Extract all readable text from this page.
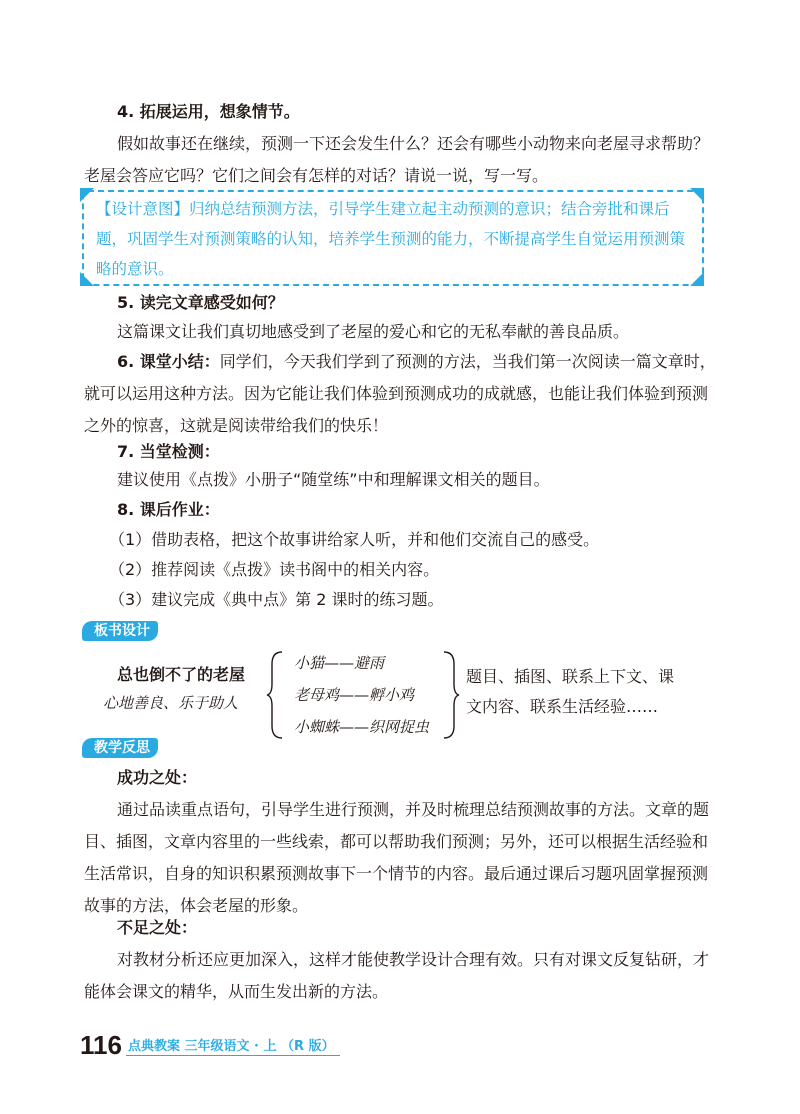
4. 拓展运用，想象情节。
假如故事还在继续，预测一下还会发生什么？还会有哪些小动物来向老屋寻求帮助？老屋会答应它吗？它们之间会有怎样的对话？请说一说，写一写。
【设计意图】归纳总结预测方法，引导学生建立起主动预测的意识；结合旁批和课后题，巩固学生对预测策略的认知，培养学生预测的能力，不断提高学生自觉运用预测策略的意识。
5. 读完文章感受如何？
这篇课文让我们真切地感受到了老屋的爱心和它的无私奉献的善良品质。
6. 课堂小结：同学们，今天我们学到了预测的方法，当我们第一次阅读一篇文章时，就可以运用这种方法。因为它能让我们体验到预测成功的成就感，也能让我们体验到预测之外的惊喜，这就是阅读带给我们的快乐！
7. 当堂检测：
建议使用《点拨》小册子“随堂练”中和理解课文相关的题目。
8. 课后作业：
（1）借助表格，把这个故事讲给家人听，并和他们交流自己的感受。
（2）推荐阅读《点拨》读书阁中的相关内容。
（3）建议完成《典中点》第 2 课时的练习题。
板书设计
总也倒不了的老屋
心地善良、乐于助人
小猫——避雨
老母鸡——孵小鸡
小蜘蛛——织网捉虫
题目、插图、联系上下文、课
文内容、联系生活经验……
教学反思
成功之处：
通过品读重点语句，引导学生进行预测，并及时梳理总结预测故事的方法。文章的题目、插图，文章内容里的一些线索，都可以帮助我们预测；另外，还可以根据生活经验和生活常识，自身的知识积累预测故事下一个情节的内容。最后通过课后习题巩固掌握预测故事的方法，体会老屋的形象。
不足之处：
对教材分析还应更加深入，这样才能使教学设计合理有效。只有对课文反复钻研，才能体会课文的精华，从而生发出新的方法。
116 点典教案 三年级语文 · 上 （R 版）
